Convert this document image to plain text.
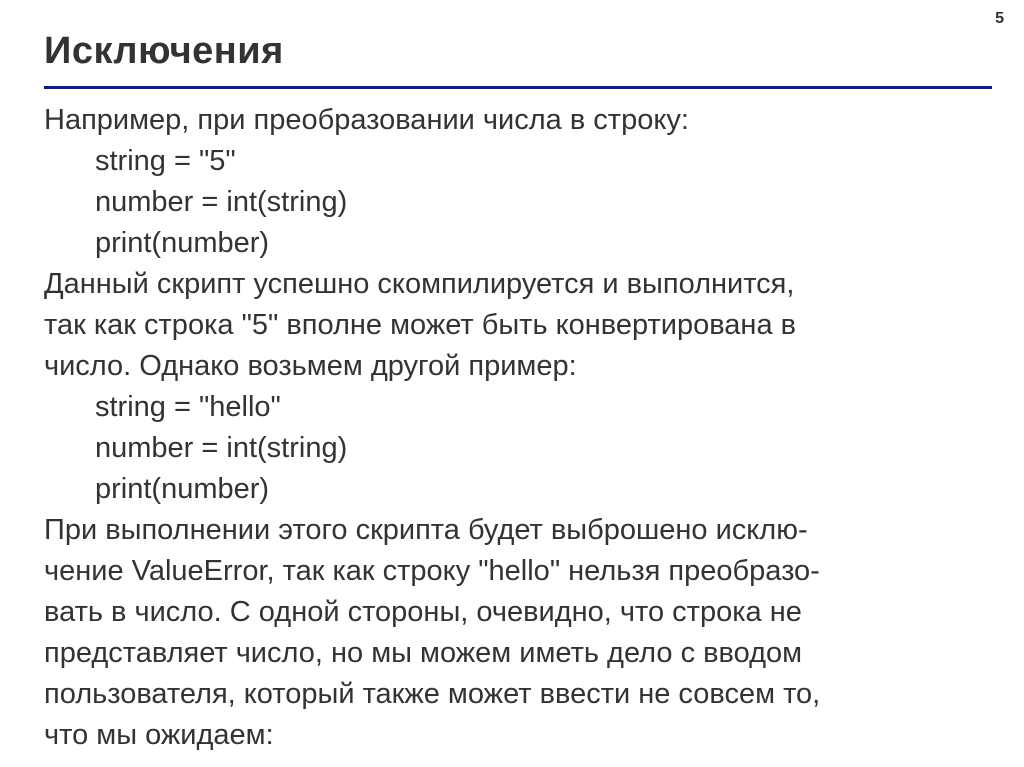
5
Исключения
Например, при преобразовании числа в строку:
string = "5"
number = int(string)
print(number)
Данный скрипт успешно скомпилируется и выполнится,
так как строка "5" вполне может быть конвертирована в
число. Однако возьмем другой пример:
string = "hello"
number = int(string)
print(number)
При выполнении этого скрипта будет выброшено исклю-
чение ValueError, так как строку "hello" нельзя преобразо-
вать в число. С одной стороны, очевидно, что строка не
представляет число, но мы можем иметь дело с вводом
пользователя, который также может ввести не совсем то,
что мы ожидаем:
